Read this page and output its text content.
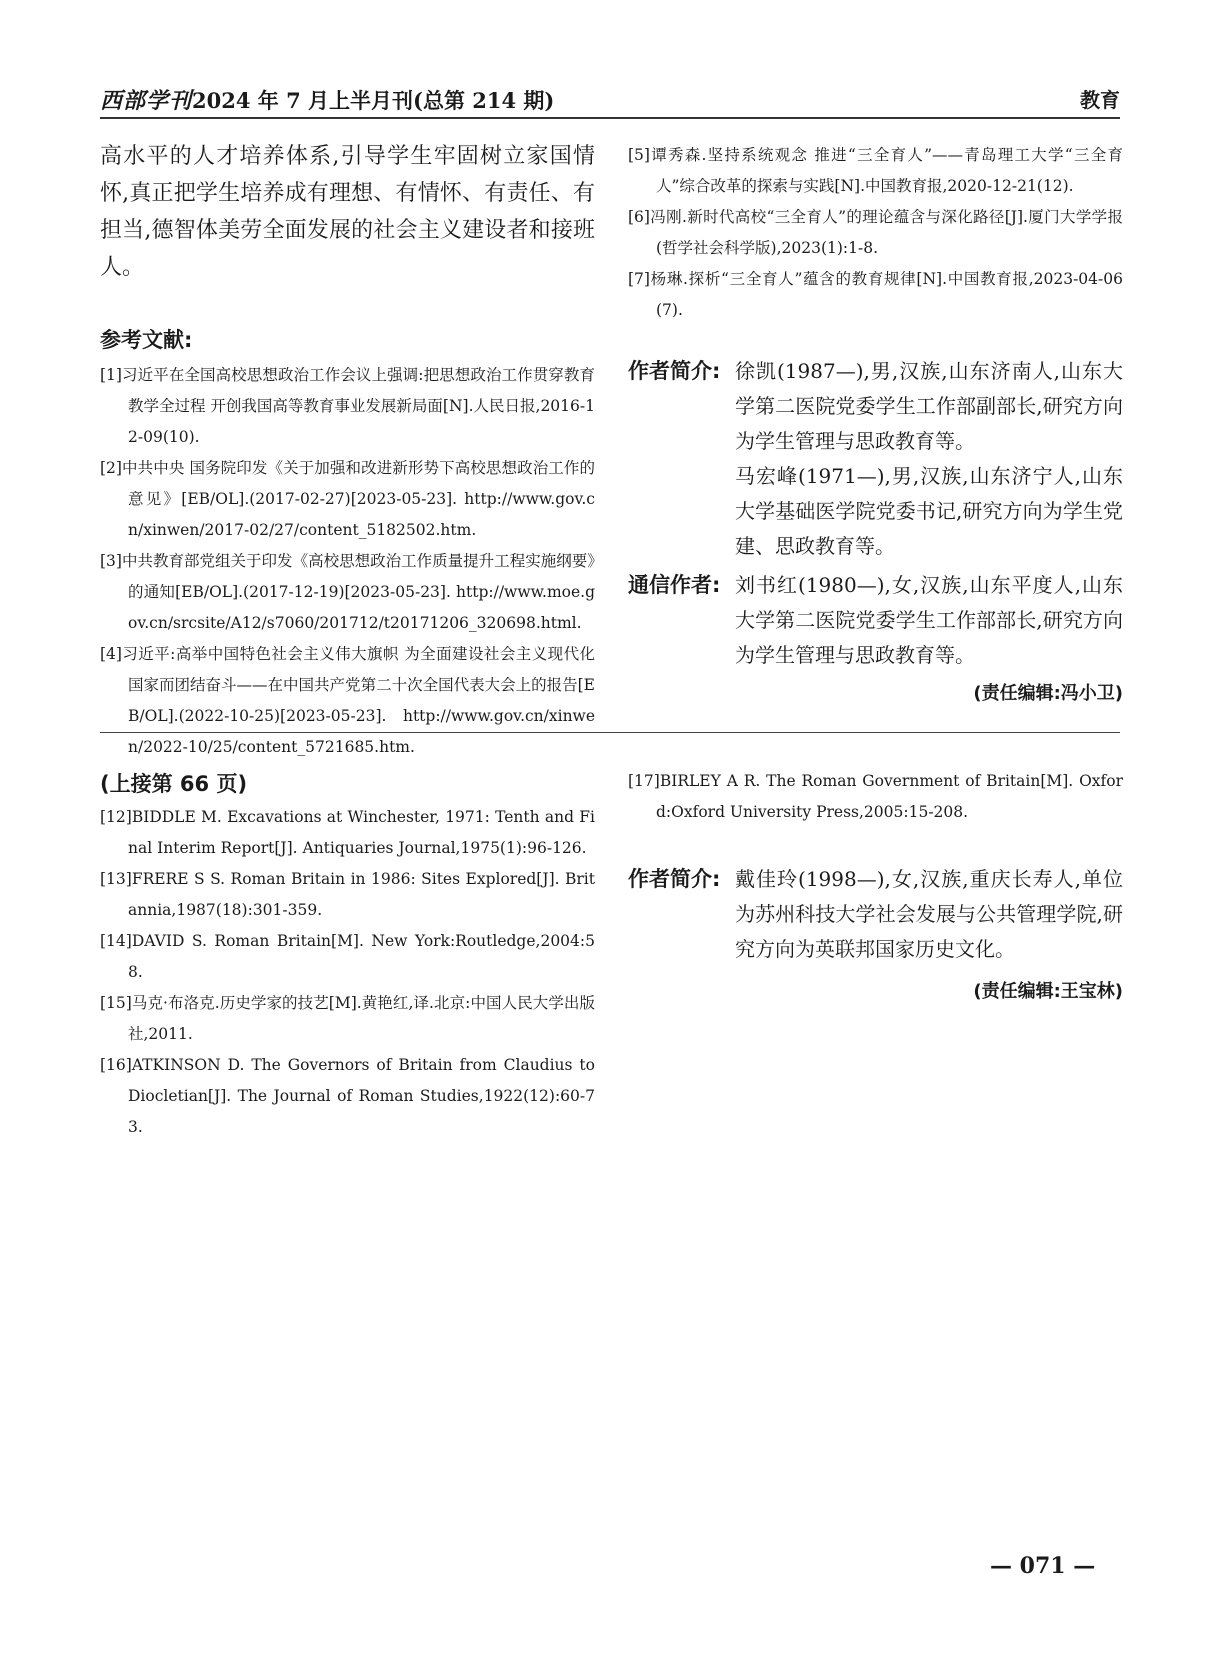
西部学刊2024 年 7 月上半月刊(总第 214 期)	教育

高水平的人才培养体系,引导学生牢固树立家国情怀,真正把学生培养成有理想、有情怀、有责任、有担当,德智体美劳全面发展的社会主义建设者和接班人。

参考文献:

[1]习近平在全国高校思想政治工作会议上强调:把思想政治工作贯穿教育教学全过程 开创我国高等教育事业发展新局面[N].人民日报,2016-12-09(10).

[2]中共中央 国务院印发《关于加强和改进新形势下高校思想政治工作的意见》[EB/OL].(2017-02-27)[2023-05-23]. http://www.gov.cn/xinwen/2017-02/27/content_5182502.htm.

[3]中共教育部党组关于印发《高校思想政治工作质量提升工程实施纲要》的通知[EB/OL].(2017-12-19)[2023-05-23]. http://www.moe.gov.cn/srcsite/A12/s7060/201712/t20171206_320698.html.

[4]习近平:高举中国特色社会主义伟大旗帜 为全面建设社会主义现代化国家而团结奋斗——在中国共产党第二十次全国代表大会上的报告[EB/OL].(2022-10-25)[2023-05-23]. http://www.gov.cn/xinwen/2022-10/25/content_5721685.htm.

[5]谭秀森.坚持系统观念 推进“三全育人”——青岛理工大学“三全育人”综合改革的探索与实践[N].中国教育报,2020-12-21(12).

[6]冯刚.新时代高校“三全育人”的理论蕴含与深化路径[J].厦门大学学报(哲学社会科学版),2023(1):1-8.

[7]杨琳.探析“三全育人”蕴含的教育规律[N].中国教育报,2023-04-06(7).

作者简介: 徐凯(1987—),男,汉族,山东济南人,山东大学第二医院党委学生工作部副部长,研究方向为学生管理与思政教育等。

马宏峰(1971—),男,汉族,山东济宁人,山东大学基础医学院党委书记,研究方向为学生党建、思政教育等。

通信作者: 刘书红(1980—),女,汉族,山东平度人,山东大学第二医院党委学生工作部部长,研究方向为学生管理与思政教育等。

(责任编辑:冯小卫)
(上接第 66 页)

[12]BIDDLE M. Excavations at Winchester, 1971: Tenth and Final Interim Report[J]. Antiquaries Journal,1975(1):96-126.

[13]FRERE S S. Roman Britain in 1986: Sites Explored[J]. Britannia,1987(18):301-359.

[14]DAVID S. Roman Britain[M]. New York:Routledge,2004:58.

[15]马克·布洛克.历史学家的技艺[M].黄艳红,译.北京:中国人民大学出版社,2011.

[16]ATKINSON D. The Governors of Britain from Claudius to Diocletian[J]. The Journal of Roman Studies,1922(12):60-73.

[17]BIRLEY A R. The Roman Government of Britain[M]. Oxford:Oxford University Press,2005:15-208.

作者简介: 戴佳玲(1998—),女,汉族,重庆长寿人,单位为苏州科技大学社会发展与公共管理学院,研究方向为英联邦国家历史文化。

(责任编辑:王宝林)
— 071 —
